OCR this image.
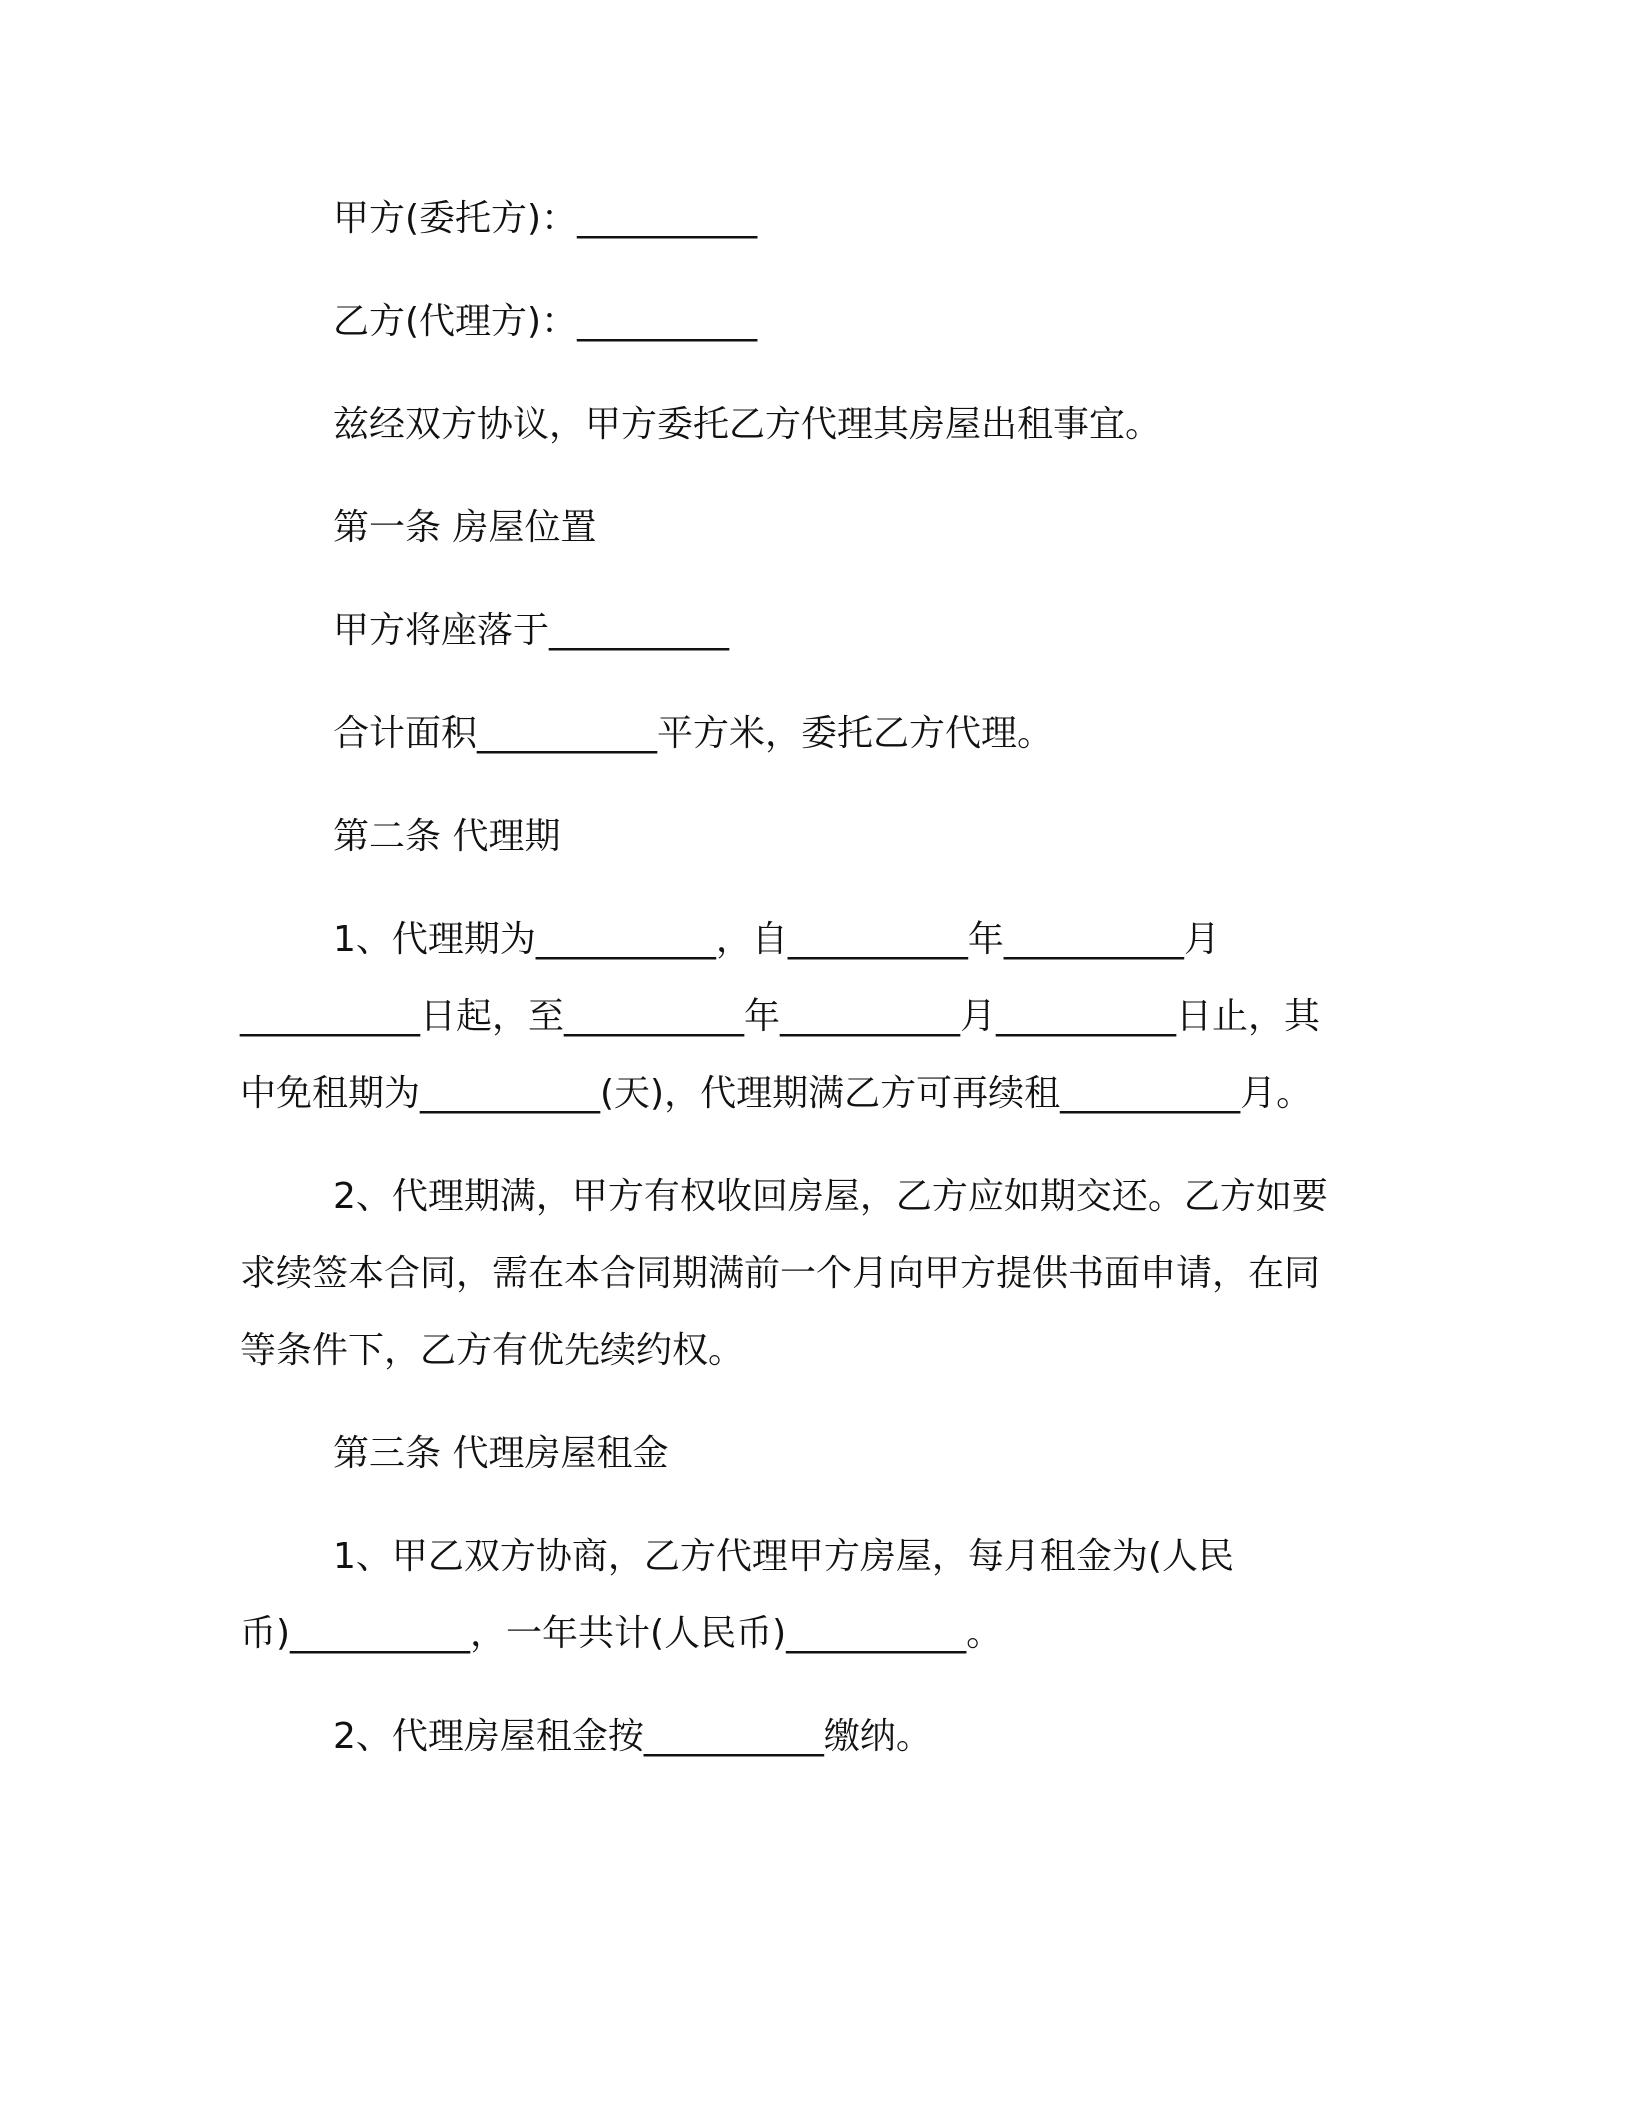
甲方(委托方)：__________
乙方(代理方)：__________
兹经双方协议，甲方委托乙方代理其房屋出租事宜。
第一条 房屋位置
甲方将座落于__________
合计面积__________平方米，委托乙方代理。
第二条 代理期
1、代理期为__________，自__________年__________月
__________日起，至__________年__________月__________日止，其
中免租期为__________(天)，代理期满乙方可再续租__________月。
2、代理期满，甲方有权收回房屋，乙方应如期交还。乙方如要
求续签本合同，需在本合同期满前一个月向甲方提供书面申请，在同
等条件下，乙方有优先续约权。
第三条 代理房屋租金
1、甲乙双方协商，乙方代理甲方房屋，每月租金为(人民
币)__________，一年共计(人民币)__________。
2、代理房屋租金按__________缴纳。
